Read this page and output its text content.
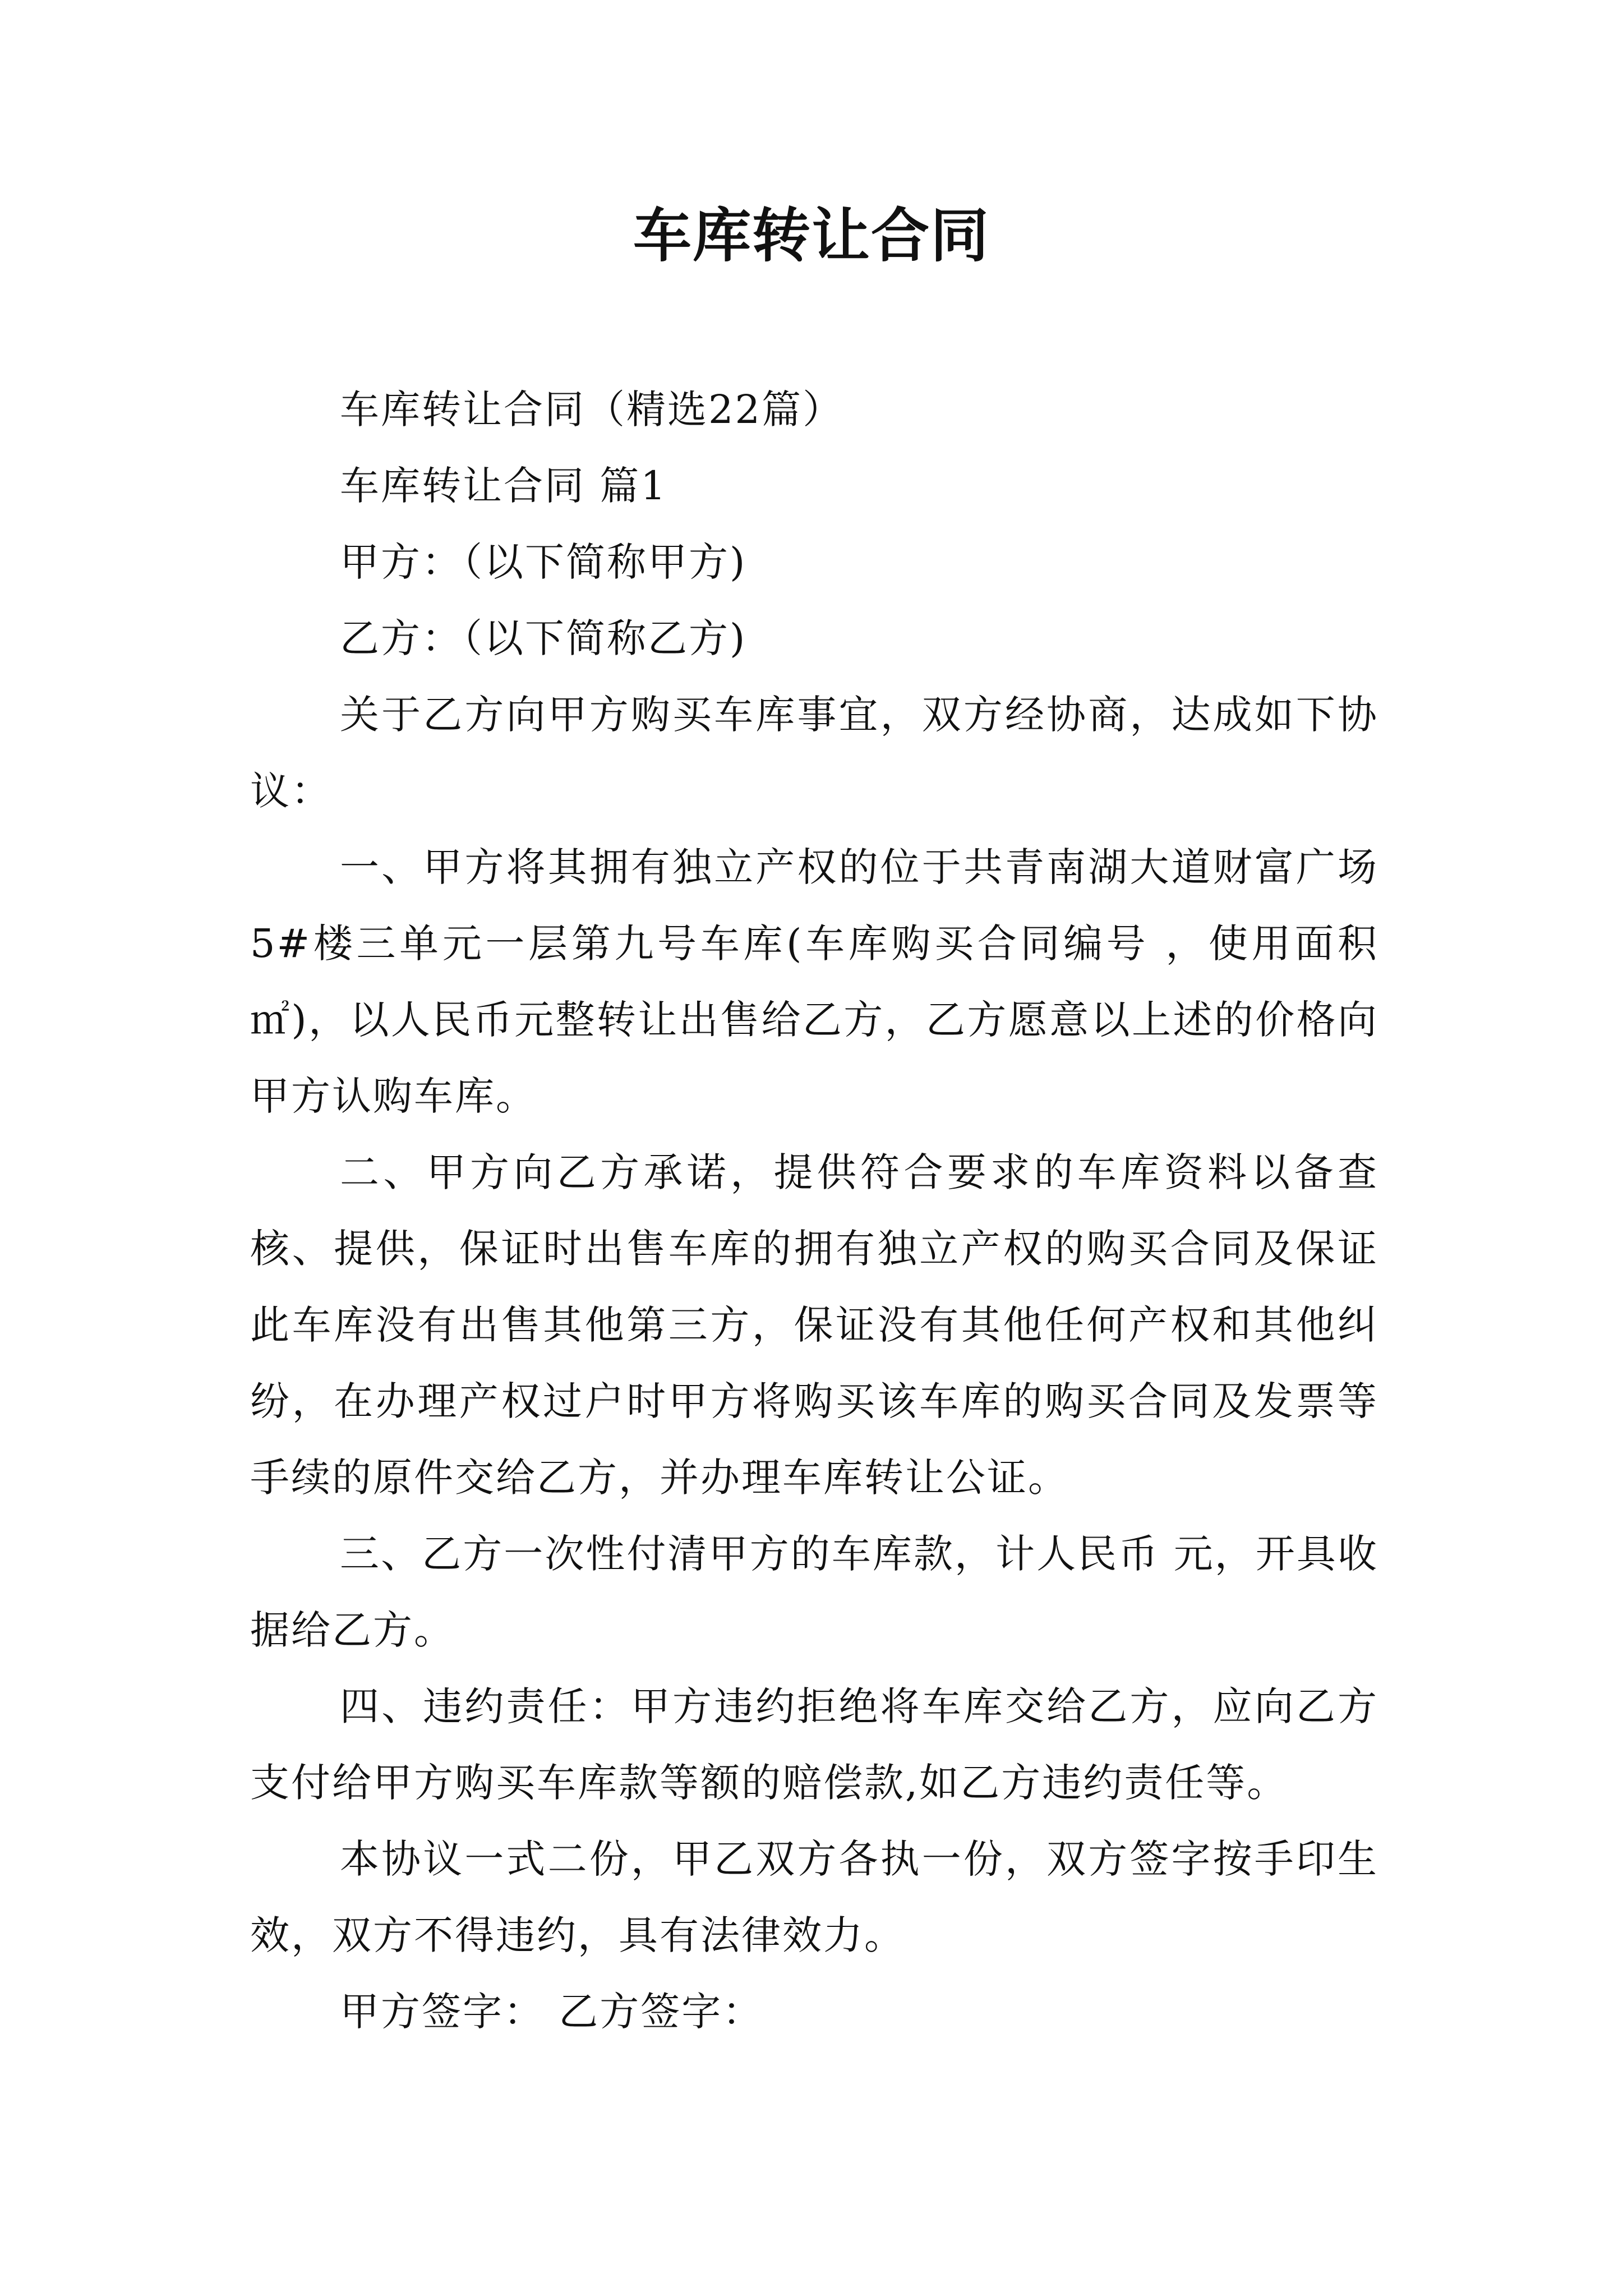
车库转让合同

车库转让合同（精选22篇）

车库转让合同 篇1

甲方：（以下简称甲方)

乙方：（以下简称乙方)

关于乙方向甲方购买车库事宜，双方经协商，达成如下协议：

一、甲方将其拥有独立产权的位于共青南湖大道财富广场5#楼三单元一层第九号车库(车库购买合同编号 ，使用面积 ㎡)，以人民币元整转让出售给乙方，乙方愿意以上述的价格向甲方认购车库。

二、甲方向乙方承诺，提供符合要求的车库资料以备查核、提供，保证时出售车库的拥有独立产权的购买合同及保证此车库没有出售其他第三方，保证没有其他任何产权和其他纠纷，在办理产权过户时甲方将购买该车库的购买合同及发票等手续的原件交给乙方，并办理车库转让公证。

三、乙方一次性付清甲方的车库款，计人民币 元，开具收据给乙方。

四、违约责任：甲方违约拒绝将车库交给乙方，应向乙方支付给甲方购买车库款等额的赔偿款,如乙方违约责任等。

本协议一式二份，甲乙双方各执一份，双方签字按手印生效，双方不得违约，具有法律效力。

甲方签字： 乙方签字：
